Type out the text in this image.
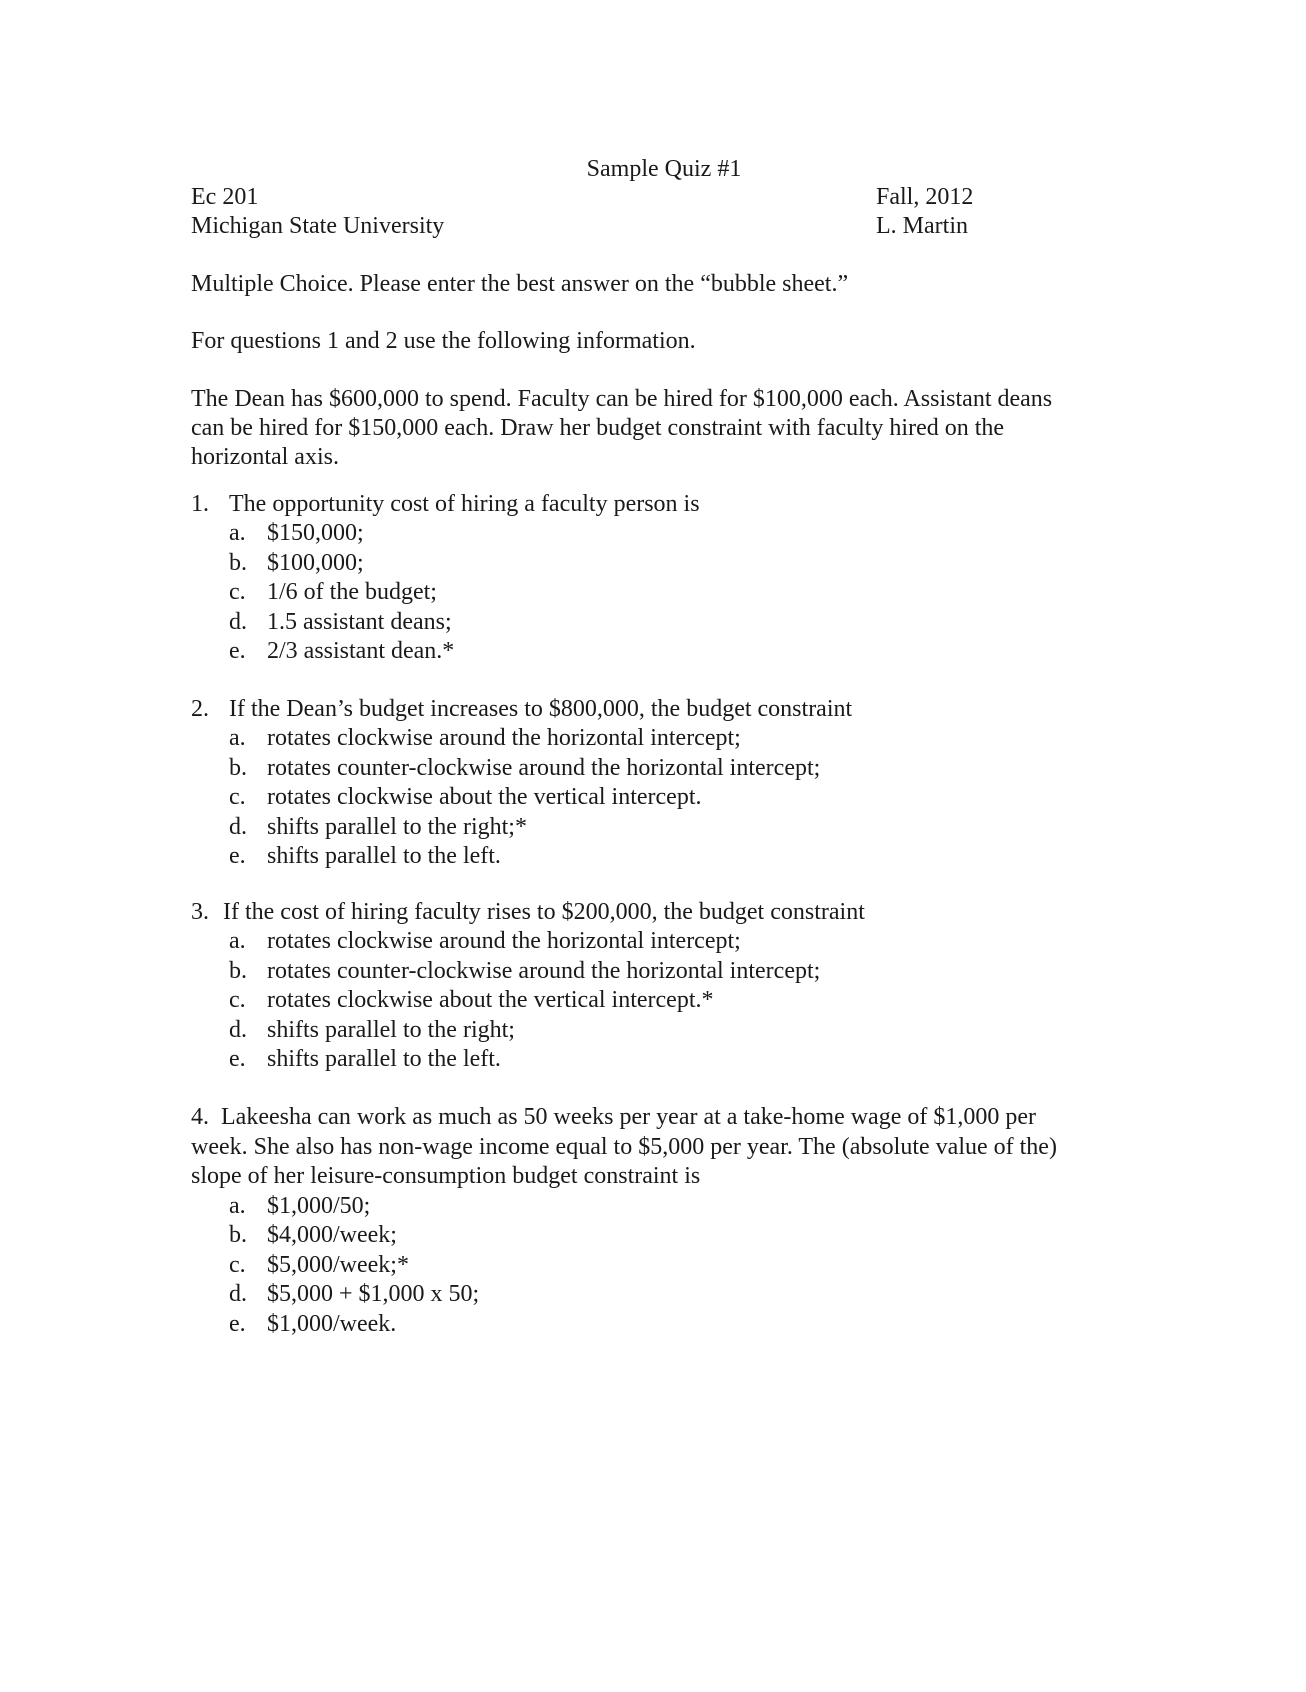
Sample Quiz #1
Ec 201
Michigan State University
Fall, 2012
L. Martin
Multiple Choice. Please enter the best answer on the “bubble sheet.”
For questions 1 and 2 use the following information.
The Dean has $600,000 to spend. Faculty can be hired for $100,000 each. Assistant deans can be hired for $150,000 each. Draw her budget constraint with faculty hired on the horizontal axis.
1. The opportunity cost of hiring a faculty person is
a. $150,000;
b. $100,000;
c. 1/6 of the budget;
d. 1.5 assistant deans;
e. 2/3 assistant dean.*
2. If the Dean’s budget increases to $800,000, the budget constraint
a. rotates clockwise around the horizontal intercept;
b. rotates counter-clockwise around the horizontal intercept;
c. rotates clockwise about the vertical intercept.
d. shifts parallel to the right;*
e. shifts parallel to the left.
3. If the cost of hiring faculty rises to $200,000, the budget constraint
a. rotates clockwise around the horizontal intercept;
b. rotates counter-clockwise around the horizontal intercept;
c. rotates clockwise about the vertical intercept.*
d. shifts parallel to the right;
e. shifts parallel to the left.
4. Lakeesha can work as much as 50 weeks per year at a take-home wage of $1,000 per week. She also has non-wage income equal to $5,000 per year. The (absolute value of the) slope of her leisure-consumption budget constraint is
a. $1,000/50;
b. $4,000/week;
c. $5,000/week;*
d. $5,000 + $1,000 x 50;
e. $1,000/week.
